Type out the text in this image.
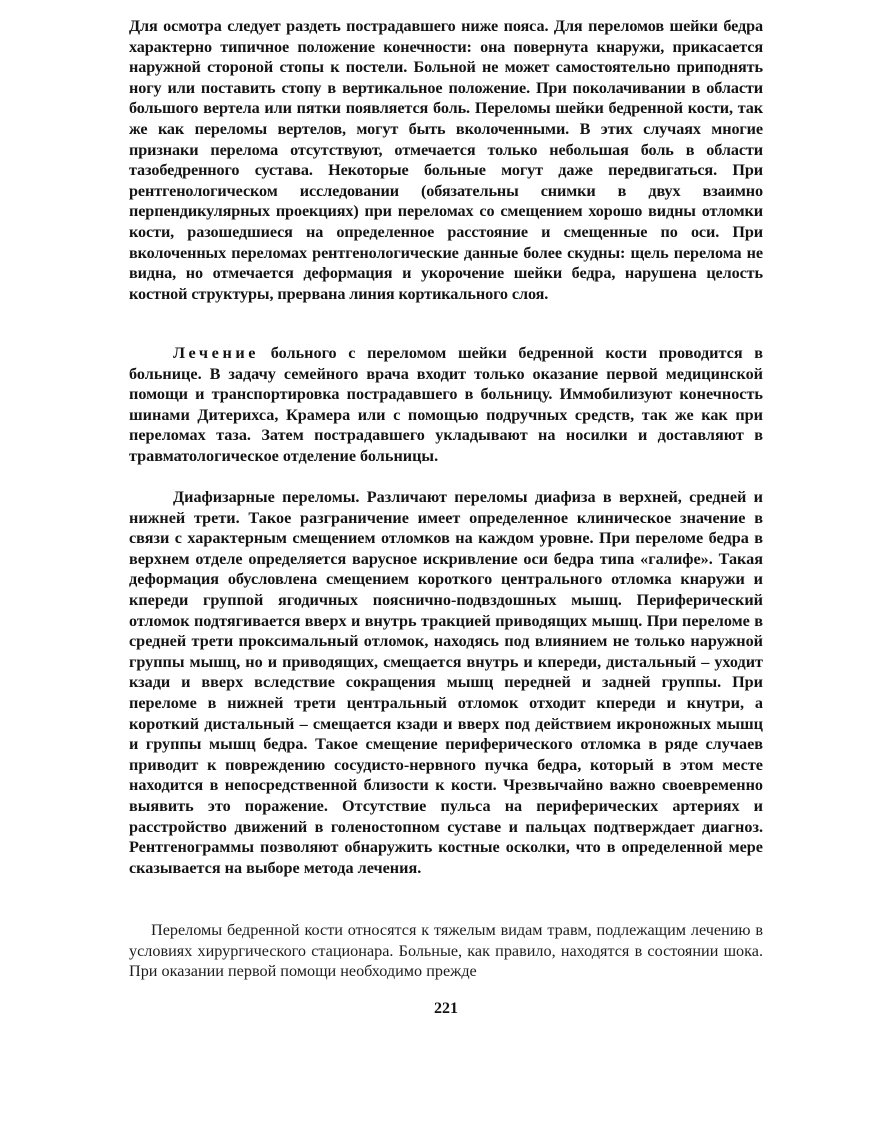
Для осмотра следует раздеть пострадавшего ниже пояса. Для переломов шейки бедра характерно типичное положение конечности: она повернута кнаружи, прикасается наружной стороной стопы к постели. Больной не может самостоятельно приподнять ногу или поставить стопу в вертикальное положение. При поколачивании в области большого вертела или пятки появляется боль. Переломы шейки бедренной кости, так же как переломы вертелов, могут быть вколоченными. В этих случаях многие признаки перелома отсутствуют, отмечается только небольшая боль в области тазобедренного сустава. Некоторые больные могут даже передвигаться. При рентгенологическом исследовании (обязательны снимки в двух взаимно перпендикулярных проекциях) при переломах со смещением хорошо видны отломки кости, разошедшиеся на определенное расстояние и смещенные по оси. При вколоченных переломах рентгенологические данные более скудны: щель перелома не видна, но отмечается деформация и укорочение шейки бедра, нарушена целость костной структуры, прервана линия кортикального слоя.

Лечение больного с переломом шейки бедренной кости проводится в больнице. В задачу семейного врача входит только оказание первой медицинской помощи и транспортировка пострадавшего в больницу. Иммобилизуют конечность шинами Дитерихса, Крамера или с помощью подручных средств, так же как при переломах таза. Затем пострадавшего укладывают на носилки и доставляют в травматологическое отделение больницы.

Диафизарные переломы. Различают переломы диафиза в верхней, средней и нижней трети. Такое разграничение имеет определенное клиническое значение в связи с характерным смещением отломков на каждом уровне. При переломе бедра в верхнем отделе определяется варусное искривление оси бедра типа «галифе». Такая деформация обусловлена смещением короткого центрального отломка кнаружи и кпереди группой ягодичных пояснично-подвздошных мышц. Периферический отломок подтягивается вверх и внутрь тракцией приводящих мышц. При переломе в средней трети проксимальный отломок, находясь под влиянием не только наружной группы мышц, но и приводящих, смещается внутрь и кпереди, дистальный – уходит кзади и вверх вследствие сокращения мышц передней и задней группы. При переломе в нижней трети центральный отломок отходит кпереди и кнутри, а короткий дистальный – смещается кзади и вверх под действием икроножных мышц и группы мышц бедра. Такое смещение периферического отломка в ряде случаев приводит к повреждению сосудисто-нервного пучка бедра, который в этом месте находится в непосредственной близости к кости. Чрезвычайно важно своевременно выявить это поражение. Отсутствие пульса на периферических артериях и расстройство движений в голеностопном суставе и пальцах подтверждает диагноз. Рентгенограммы позволяют обнаружить костные осколки, что в определенной мере сказывается на выборе метода лечения.

Переломы бедренной кости относятся к тяжелым видам травм, подлежащим лечению в условиях хирургического стационара. Больные, как правило, находятся в состоянии шока. При оказании первой помощи необходимо прежде

221
